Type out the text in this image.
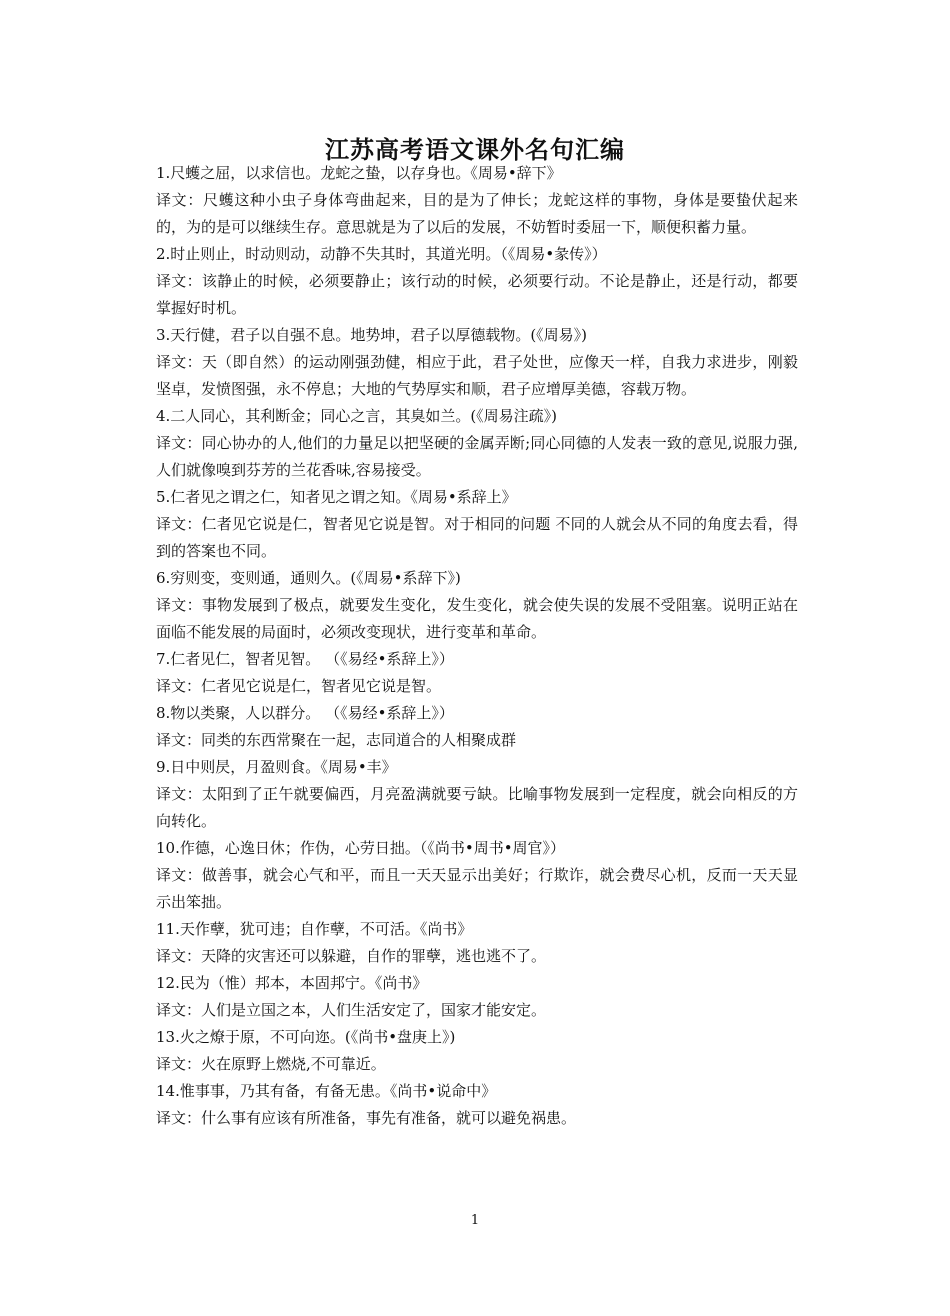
江苏高考语文课外名句汇编

1.尺蠖之屈，以求信也。龙蛇之蛰，以存身也。《周易•辞下》

译文：尺蠖这种小虫子身体弯曲起来，目的是为了伸长；龙蛇这样的事物，身体是要蛰伏起来的，为的是可以继续生存。意思就是为了以后的发展，不妨暂时委屈一下，顺便积蓄力量。

2.时止则止，时动则动，动静不失其时，其道光明。（《周易•彖传》）

译文：该静止的时候，必须要静止；该行动的时候，必须要行动。不论是静止，还是行动，都要掌握好时机。

3.天行健，君子以自强不息。地势坤，君子以厚德载物。(《周易》)

译文：天（即自然）的运动刚强劲健，相应于此，君子处世，应像天一样，自我力求进步，刚毅坚卓，发愤图强，永不停息；大地的气势厚实和顺，君子应增厚美德，容载万物。

4.二人同心，其利断金；同心之言，其臭如兰。(《周易注疏》)

译文：同心协办的人,他们的力量足以把坚硬的金属弄断;同心同德的人发表一致的意见,说服力强,人们就像嗅到芬芳的兰花香味,容易接受。

5.仁者见之谓之仁，知者见之谓之知。《周易•系辞上》

译文：仁者见它说是仁，智者见它说是智。对于相同的问题 不同的人就会从不同的角度去看，得到的答案也不同。

6.穷则变，变则通，通则久。(《周易•系辞下》)

译文：事物发展到了极点，就要发生变化，发生变化，就会使失误的发展不受阻塞。说明正站在面临不能发展的局面时，必须改变现状，进行变革和革命。

7.仁者见仁，智者见智。 （《易经•系辞上》）

译文：仁者见它说是仁，智者见它说是智。

8.物以类聚，人以群分。 （《易经•系辞上》）

译文：同类的东西常聚在一起，志同道合的人相聚成群

9.日中则昃，月盈则食。《周易•丰》

译文：太阳到了正午就要偏西，月亮盈满就要亏缺。比喻事物发展到一定程度，就会向相反的方向转化。

10.作德，心逸日休；作伪，心劳日拙。（《尚书•周书•周官》）

译文：做善事，就会心气和平，而且一天天显示出美好；行欺诈，就会费尽心机，反而一天天显示出笨拙。

11.天作孽，犹可违；自作孽，不可活。《尚书》

译文：天降的灾害还可以躲避，自作的罪孽，逃也逃不了。

12.民为（惟）邦本，本固邦宁。《尚书》

译文：人们是立国之本，人们生活安定了，国家才能安定。

13.火之燎于原，不可向迩。(《尚书•盘庚上》)

译文：火在原野上燃烧,不可靠近。

14.惟事事，乃其有备，有备无患。《尚书•说命中》

译文：什么事有应该有所准备，事先有准备，就可以避免祸患。

1
